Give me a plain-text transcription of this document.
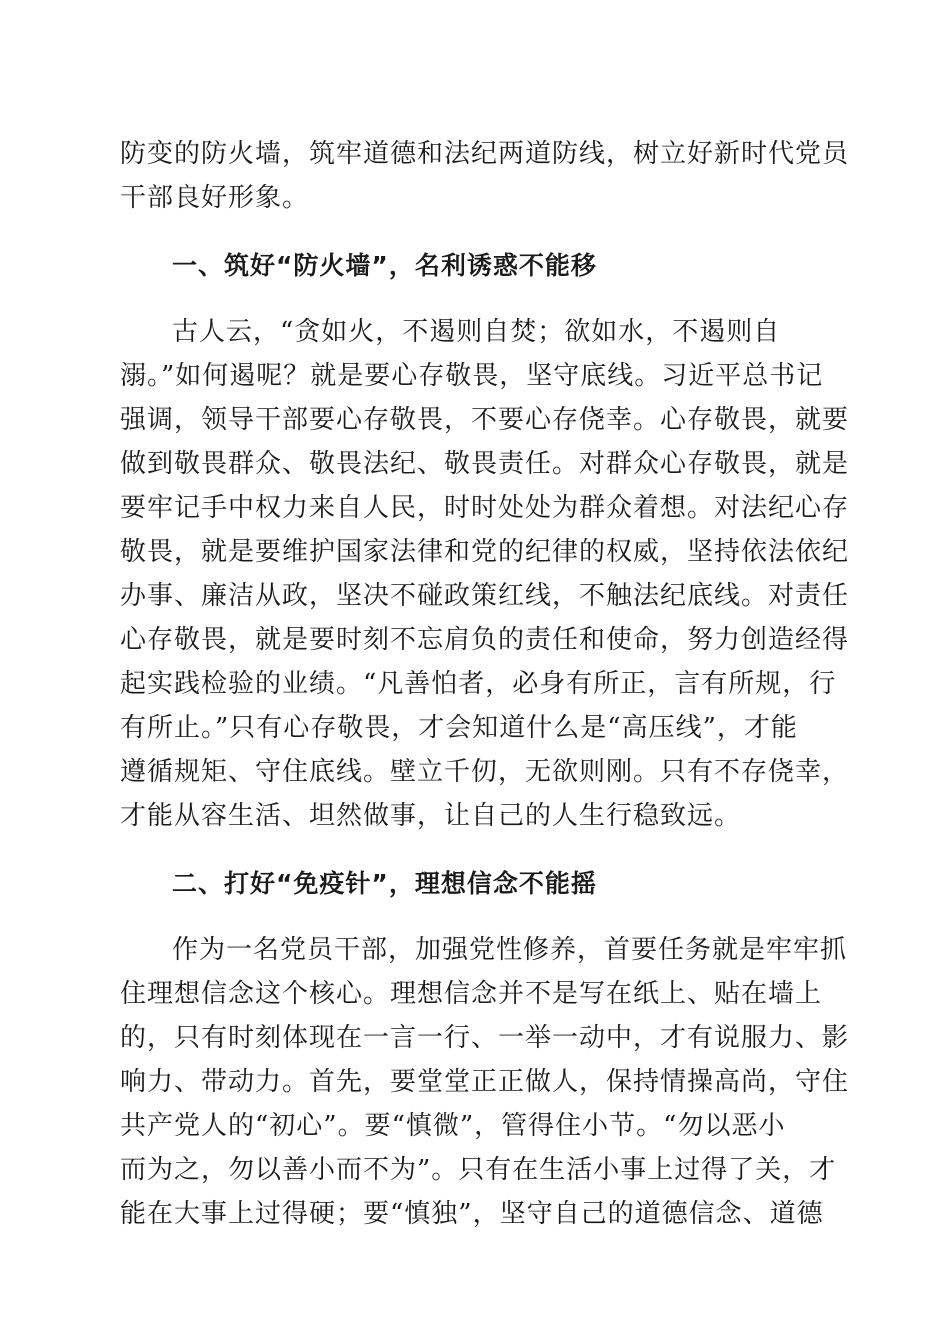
防变的防火墙，筑牢道德和法纪两道防线，树立好新时代党员
干部良好形象。
一、筑好“防火墙”，名利诱惑不能移
古人云，“贪如火，不遏则自焚；欲如水，不遏则自
溺。”如何遏呢？就是要心存敬畏，坚守底线。习近平总书记
强调，领导干部要心存敬畏，不要心存侥幸。心存敬畏，就要
做到敬畏群众、敬畏法纪、敬畏责任。对群众心存敬畏，就是
要牢记手中权力来自人民，时时处处为群众着想。对法纪心存
敬畏，就是要维护国家法律和党的纪律的权威，坚持依法依纪
办事、廉洁从政，坚决不碰政策红线，不触法纪底线。对责任
心存敬畏，就是要时刻不忘肩负的责任和使命，努力创造经得
起实践检验的业绩。“凡善怕者，必身有所正，言有所规，行
有所止。”只有心存敬畏，才会知道什么是“高压线”，才能
遵循规矩、守住底线。壁立千仞，无欲则刚。只有不存侥幸，
才能从容生活、坦然做事，让自己的人生行稳致远。
二、打好“免疫针”，理想信念不能摇
作为一名党员干部，加强党性修养，首要任务就是牢牢抓
住理想信念这个核心。理想信念并不是写在纸上、贴在墙上
的，只有时刻体现在一言一行、一举一动中，才有说服力、影
响力、带动力。首先，要堂堂正正做人，保持情操高尚，守住
共产党人的“初心”。要“慎微”，管得住小节。“勿以恶小
而为之，勿以善小而不为”。只有在生活小事上过得了关，才
能在大事上过得硬；要“慎独”，坚守自己的道德信念、道德
